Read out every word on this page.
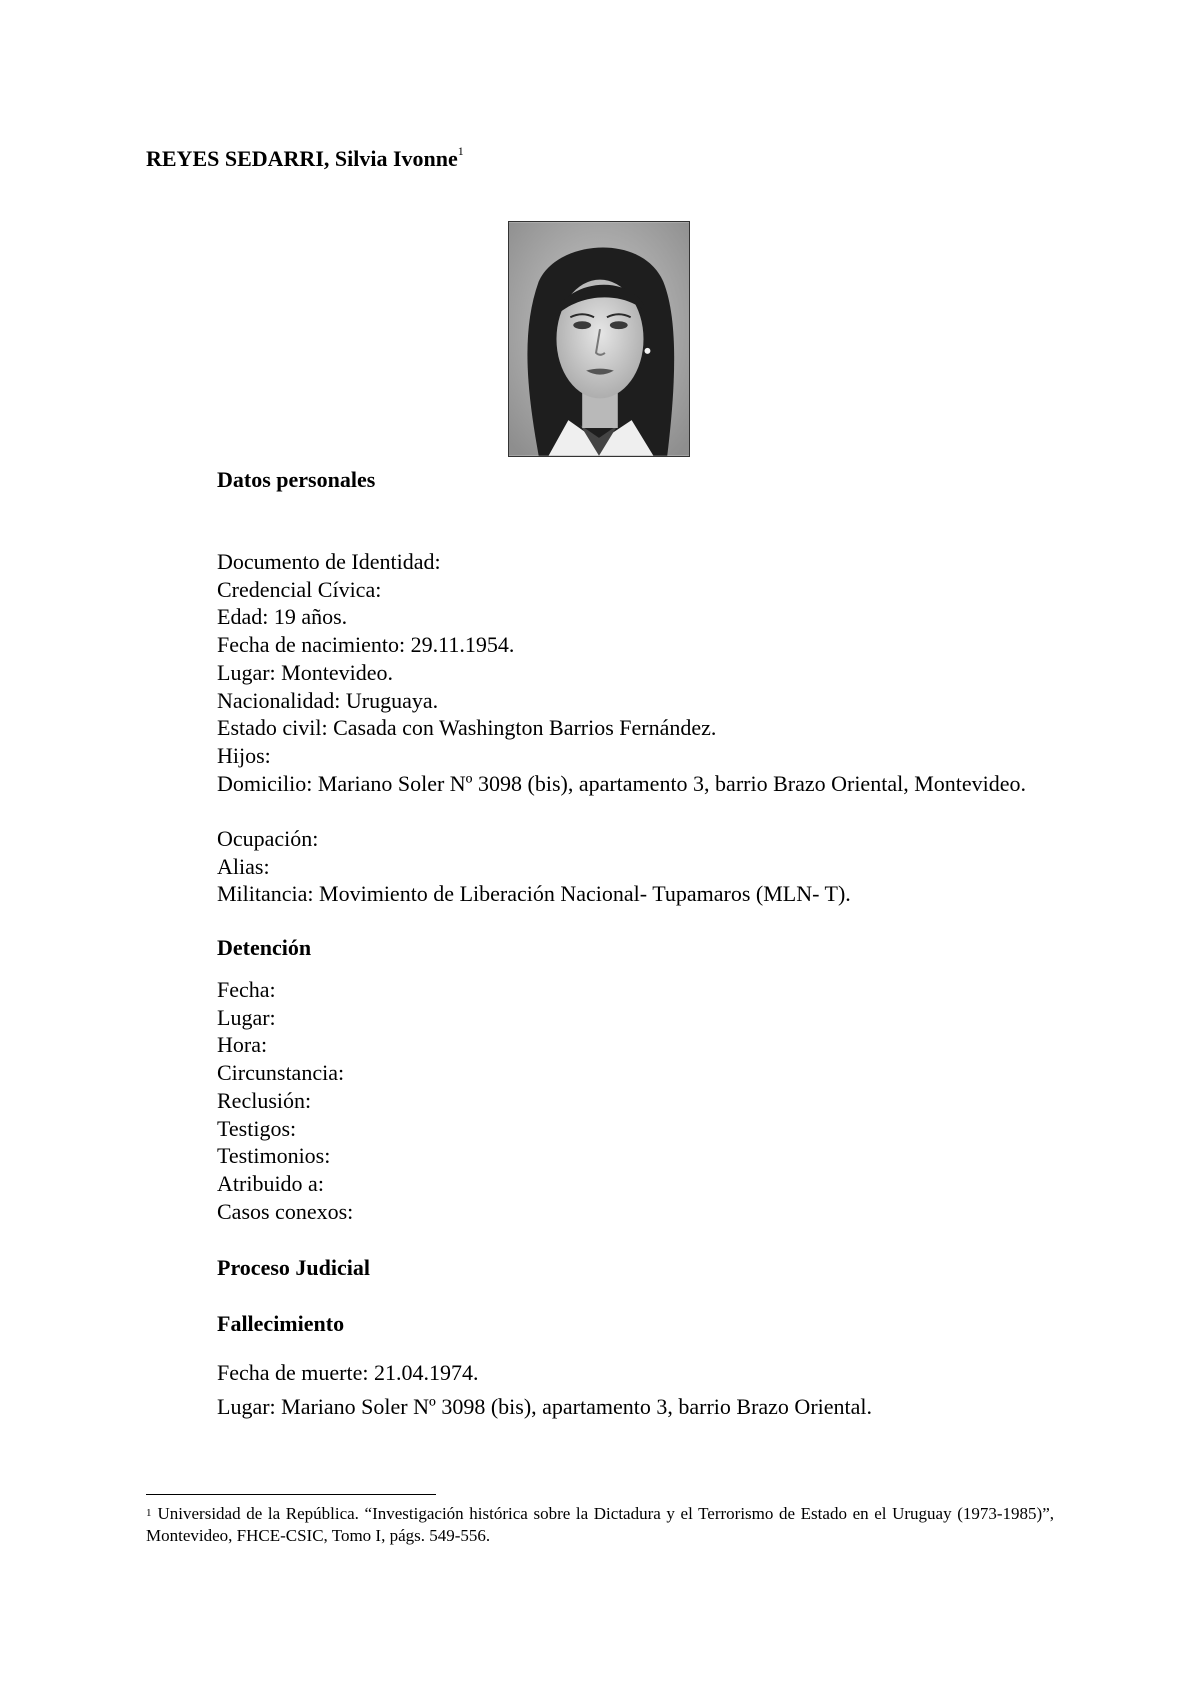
REYES SEDARRI, Silvia Ivonne$^1$
Datos personales
Documento de Identidad:
Credencial Cívica:
Edad: 19 años.
Fecha de nacimiento: 29.11.1954.
Lugar: Montevideo.
Nacionalidad: Uruguaya.
Estado civil: Casada con Washington Barrios Fernández.
Hijos:
Domicilio: Mariano Soler Nº 3098 (bis), apartamento 3, barrio Brazo Oriental, Montevideo.
Ocupación:
Alias:
Militancia: Movimiento de Liberación Nacional- Tupamaros (MLN- T).
Detención
Fecha:
Lugar:
Hora:
Circunstancia:
Reclusión:
Testigos:
Testimonios:
Atribuido a:
Casos conexos:
Proceso Judicial
Fallecimiento
Fecha de muerte: 21.04.1974.
Lugar: Mariano Soler Nº 3098 (bis), apartamento 3, barrio Brazo Oriental.
$^1$ Universidad de la República. “Investigación histórica sobre la Dictadura y el Terrorismo de Estado en el Uruguay (1973-1985)”, Montevideo, FHCE-CSIC, Tomo I, págs. 549-556.
